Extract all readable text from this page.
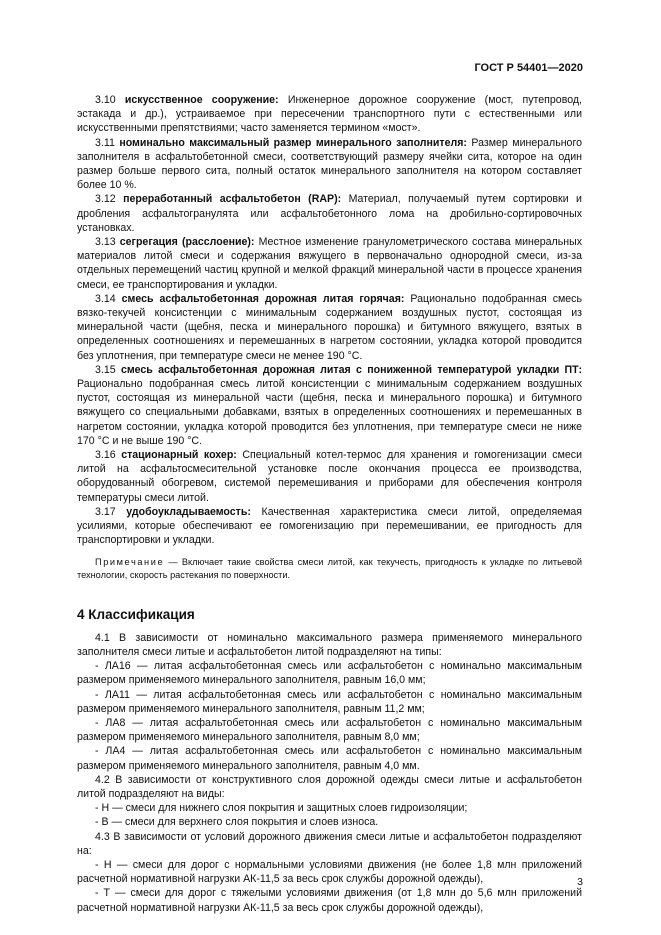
ГОСТ Р 54401—2020

3.10 искусственное сооружение: Инженерное дорожное сооружение (мост, путепровод, эстакада и др.), устраиваемое при пересечении транспортного пути с естественными или искусственными препятствиями; часто заменяется термином «мост».

3.11 номинально максимальный размер минерального заполнителя: Размер минерального заполнителя в асфальтобетонной смеси, соответствующий размеру ячейки сита, которое на один размер больше первого сита, полный остаток минерального заполнителя на котором составляет более 10 %.

3.12 переработанный асфальтобетон (RAP): Материал, получаемый путем сортировки и дробления асфальтогранулята или асфальтобетонного лома на дробильно-сортировочных установках.

3.13 сегрегация (расслоение): Местное изменение гранулометрического состава минеральных материалов литой смеси и содержания вяжущего в первоначально однородной смеси, из-за отдельных перемещений частиц крупной и мелкой фракций минеральной части в процессе хранения смеси, ее транспортирования и укладки.

3.14 смесь асфальтобетонная дорожная литая горячая: Рационально подобранная смесь вязко-текучей консистенции с минимальным содержанием воздушных пустот, состоящая из минеральной части (щебня, песка и минерального порошка) и битумного вяжущего, взятых в определенных соотношениях и перемешанных в нагретом состоянии, укладка которой проводится без уплотнения, при температуре смеси не менее 190 °С.

3.15 смесь асфальтобетонная дорожная литая с пониженной температурой укладки ПТ: Рационально подобранная смесь литой консистенции с минимальным содержанием воздушных пустот, состоящая из минеральной части (щебня, песка и минерального порошка) и битумного вяжущего со специальными добавками, взятых в определенных соотношениях и перемешанных в нагретом состоянии, укладка которой проводится без уплотнения, при температуре смеси не ниже 170 °С и не выше 190 °С.

3.16 стационарный кохер: Специальный котел-термос для хранения и гомогенизации смеси литой на асфальтосмесительной установке после окончания процесса ее производства, оборудованный обогревом, системой перемешивания и приборами для обеспечения контроля температуры смеси литой.

3.17 удобоукладываемость: Качественная характеристика смеси литой, определяемая усилиями, которые обеспечивают ее гомогенизацию при перемешивании, ее пригодность для транспортировки и укладки.

Примечание — Включает такие свойства смеси литой, как текучесть, пригодность к укладке по литьевой технологии, скорость растекания по поверхности.

4 Классификация

4.1 В зависимости от номинально максимального размера применяемого минерального заполнителя смеси литые и асфальтобетон литой подразделяют на типы:

- ЛА16 — литая асфальтобетонная смесь или асфальтобетон с номинально максимальным размером применяемого минерального заполнителя, равным 16,0 мм;

- ЛА11 — литая асфальтобетонная смесь или асфальтобетон с номинально максимальным размером применяемого минерального заполнителя, равным 11,2 мм;

- ЛА8 — литая асфальтобетонная смесь или асфальтобетон с номинально максимальным размером применяемого минерального заполнителя, равным 8,0 мм;

- ЛА4 — литая асфальтобетонная смесь или асфальтобетон с номинально максимальным размером применяемого минерального заполнителя, равным 4,0 мм.

4.2 В зависимости от конструктивного слоя дорожной одежды смеси литые и асфальтобетон литой подразделяют на виды:

- Н — смеси для нижнего слоя покрытия и защитных слоев гидроизоляции;

- В — смеси для верхнего слоя покрытия и слоев износа.

4.3 В зависимости от условий дорожного движения смеси литые и асфальтобетон подразделяют на:

- Н — смеси для дорог с нормальными условиями движения (не более 1,8 млн приложений расчетной нормативной нагрузки АК-11,5 за весь срок службы дорожной одежды),

- Т — смеси для дорог с тяжелыми условиями движения (от 1,8 млн до 5,6 млн приложений расчетной нормативной нагрузки АК-11,5 за весь срок службы дорожной одежды),

3
